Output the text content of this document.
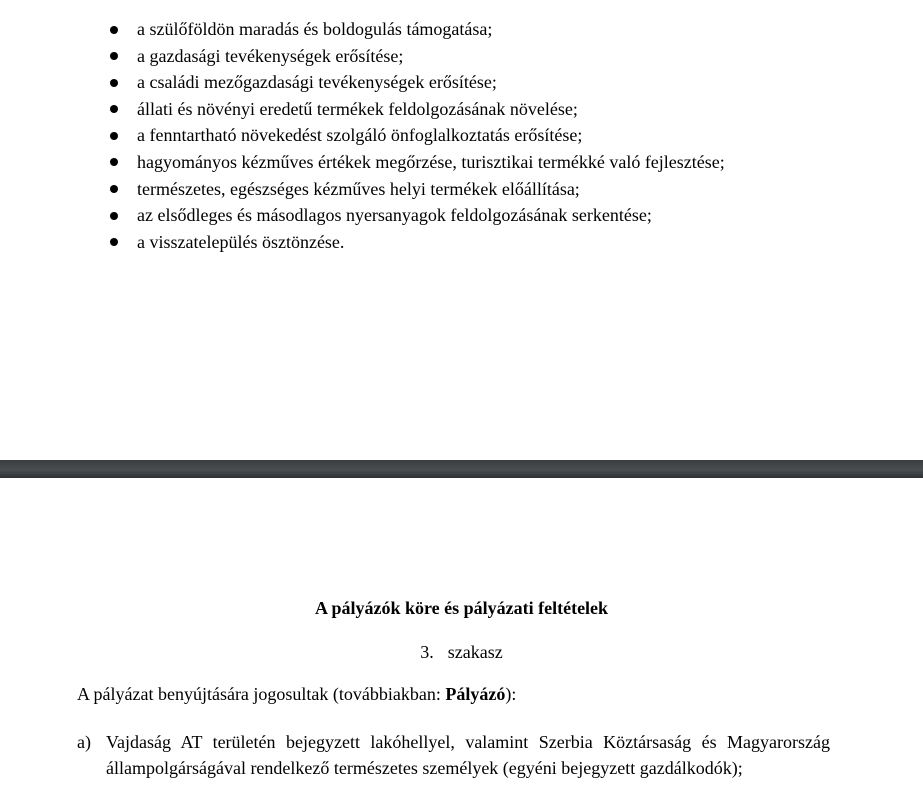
a szülőföldön maradás és boldogulás támogatása;
a gazdasági tevékenységek erősítése;
a családi mezőgazdasági tevékenységek erősítése;
állati és növényi eredetű termékek feldolgozásának növelése;
a fenntartható növekedést szolgáló önfoglalkoztatás erősítése;
hagyományos kézműves értékek megőrzése, turisztikai termékké való fejlesztése;
természetes, egészséges kézműves helyi termékek előállítása;
az elsődleges és másodlagos nyersanyagok feldolgozásának serkentése;
a visszatelepülés ösztönzése.
A pályázók köre és pályázati feltételek
3. szakasz
A pályázat benyújtására jogosultak (továbbiakban: Pályázó):
a) Vajdaság AT területén bejegyzett lakóhellyel, valamint Szerbia Köztársaság és Magyarország állampolgárságával rendelkező természetes személyek (egyéni bejegyzett gazdálkodók);
